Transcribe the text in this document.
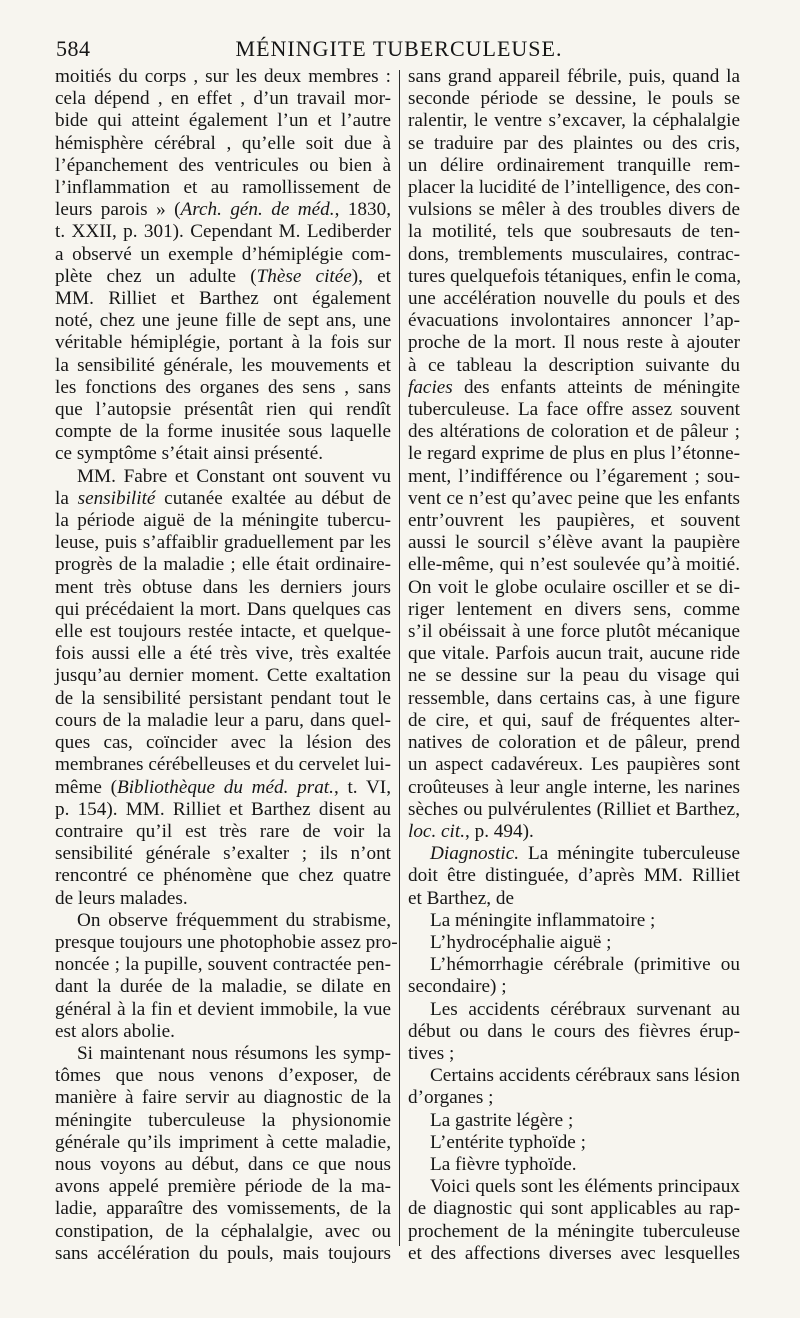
584	MÉNINGITE TUBERCULEUSE.
moitiés du corps , sur les deux membres :
cela dépend , en effet , d’un travail mor-
bide qui atteint également l’un et l’autre
hémisphère cérébral , qu’elle soit due à
l’épanchement des ventricules ou bien à
l’inflammation et au ramollissement de
leurs parois » (Arch. gén. de méd., 1830,
t. XXII, p. 301). Cependant M. Lediberder
a observé un exemple d’hémiplégie com-
plète chez un adulte (Thèse citée), et
MM. Rilliet et Barthez ont également
noté, chez une jeune fille de sept ans, une
véritable hémiplégie, portant à la fois sur
la sensibilité générale, les mouvements et
les fonctions des organes des sens , sans
que l’autopsie présentât rien qui rendît
compte de la forme inusitée sous laquelle
ce symptôme s’était ainsi présenté.
MM. Fabre et Constant ont souvent vu
la sensibilité cutanée exaltée au début de
la période aiguë de la méningite tubercu-
leuse, puis s’affaiblir graduellement par les
progrès de la maladie ; elle était ordinaire-
ment très obtuse dans les derniers jours
qui précédaient la mort. Dans quelques cas
elle est toujours restée intacte, et quelque-
fois aussi elle a été très vive, très exaltée
jusqu’au dernier moment. Cette exaltation
de la sensibilité persistant pendant tout le
cours de la maladie leur a paru, dans quel-
ques cas, coïncider avec la lésion des
membranes cérébelleuses et du cervelet lui-
même (Bibliothèque du méd. prat., t. VI,
p. 154). MM. Rilliet et Barthez disent au
contraire qu’il est très rare de voir la
sensibilité générale s’exalter ; ils n’ont
rencontré ce phénomène que chez quatre
de leurs malades.
On observe fréquemment du strabisme,
presque toujours une photophobie assez pro-
noncée ; la pupille, souvent contractée pen-
dant la durée de la maladie, se dilate en
général à la fin et devient immobile, la vue
est alors abolie.
Si maintenant nous résumons les symp-
tômes que nous venons d’exposer, de
manière à faire servir au diagnostic de la
méningite tuberculeuse la physionomie
générale qu’ils impriment à cette maladie,
nous voyons au début, dans ce que nous
avons appelé première période de la ma-
ladie, apparaître des vomissements, de la
constipation, de la céphalalgie, avec ou
sans accélération du pouls, mais toujours
sans grand appareil fébrile, puis, quand la
seconde période se dessine, le pouls se
ralentir, le ventre s’excaver, la céphalalgie
se traduire par des plaintes ou des cris,
un délire ordinairement tranquille rem-
placer la lucidité de l’intelligence, des con-
vulsions se mêler à des troubles divers de
la motilité, tels que soubresauts de ten-
dons, tremblements musculaires, contrac-
tures quelquefois tétaniques, enfin le coma,
une accélération nouvelle du pouls et des
évacuations involontaires annoncer l’ap-
proche de la mort. Il nous reste à ajouter
à ce tableau la description suivante du
facies des enfants atteints de méningite
tuberculeuse. La face offre assez souvent
des altérations de coloration et de pâleur ;
le regard exprime de plus en plus l’étonne-
ment, l’indifférence ou l’égarement ; sou-
vent ce n’est qu’avec peine que les enfants
entr’ouvrent les paupières, et souvent
aussi le sourcil s’élève avant la paupière
elle-même, qui n’est soulevée qu’à moitié.
On voit le globe oculaire osciller et se di-
riger lentement en divers sens, comme
s’il obéissait à une force plutôt mécanique
que vitale. Parfois aucun trait, aucune ride
ne se dessine sur la peau du visage qui
ressemble, dans certains cas, à une figure
de cire, et qui, sauf de fréquentes alter-
natives de coloration et de pâleur, prend
un aspect cadavéreux. Les paupières sont
croûteuses à leur angle interne, les narines
sèches ou pulvérulentes (Rilliet et Barthez,
loc. cit., p. 494).
Diagnostic. La méningite tuberculeuse
doit être distinguée, d’après MM. Rilliet
et Barthez, de
La méningite inflammatoire ;
L’hydrocéphalie aiguë ;
L’hémorrhagie cérébrale (primitive ou
secondaire) ;
Les accidents cérébraux survenant au
début ou dans le cours des fièvres érup-
tives ;
Certains accidents cérébraux sans lésion
d’organes ;
La gastrite légère ;
L’entérite typhoïde ;
La fièvre typhoïde.
Voici quels sont les éléments principaux
de diagnostic qui sont applicables au rap-
prochement de la méningite tuberculeuse
et des affections diverses avec lesquelles
